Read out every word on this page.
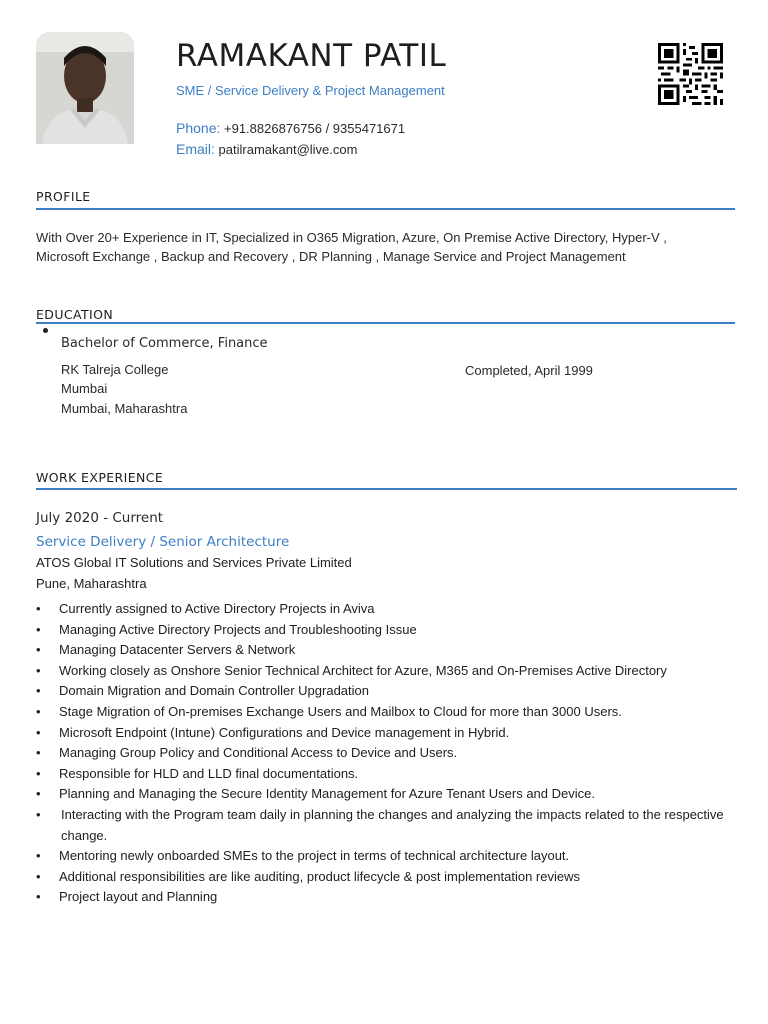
RAMAKANT PATIL
SME / Service Delivery & Project Management
Phone: +91.8826876756 / 9355471671
Email: patilramakant@live.com
PROFILE
With Over 20+ Experience in IT, Specialized in O365 Migration, Azure, On Premise Active Directory, Hyper-V ,
Microsoft Exchange , Backup and Recovery , DR Planning , Manage Service and Project Management
EDUCATION
Bachelor of Commerce, Finance
RK Talreja College
Mumbai
Mumbai, Maharashtra
Completed, April 1999
WORK EXPERIENCE
July 2020 - Current
Service Delivery / Senior Architecture
ATOS Global IT Solutions and Services Private Limited
Pune, Maharashtra
• Currently assigned to Active Directory Projects in Aviva
• Managing Active Directory Projects and Troubleshooting Issue
• Managing Datacenter Servers & Network
• Working closely as Onshore Senior Technical Architect for Azure, M365 and On-Premises Active Directory
• Domain Migration and Domain Controller Upgradation
• Stage Migration of On-premises Exchange Users and Mailbox to Cloud for more than 3000 Users.
• Microsoft Endpoint (Intune) Configurations and Device management in Hybrid.
• Managing Group Policy and Conditional Access to Device and Users.
• Responsible for HLD and LLD final documentations.
• Planning and Managing the Secure Identity Management for Azure Tenant Users and Device.
• Interacting with the Program team daily in planning the changes and analyzing the impacts related to the respective change.
• Mentoring newly onboarded SMEs to the project in terms of technical architecture layout.
• Additional responsibilities are like auditing, product lifecycle & post implementation reviews
• Project layout and Planning
